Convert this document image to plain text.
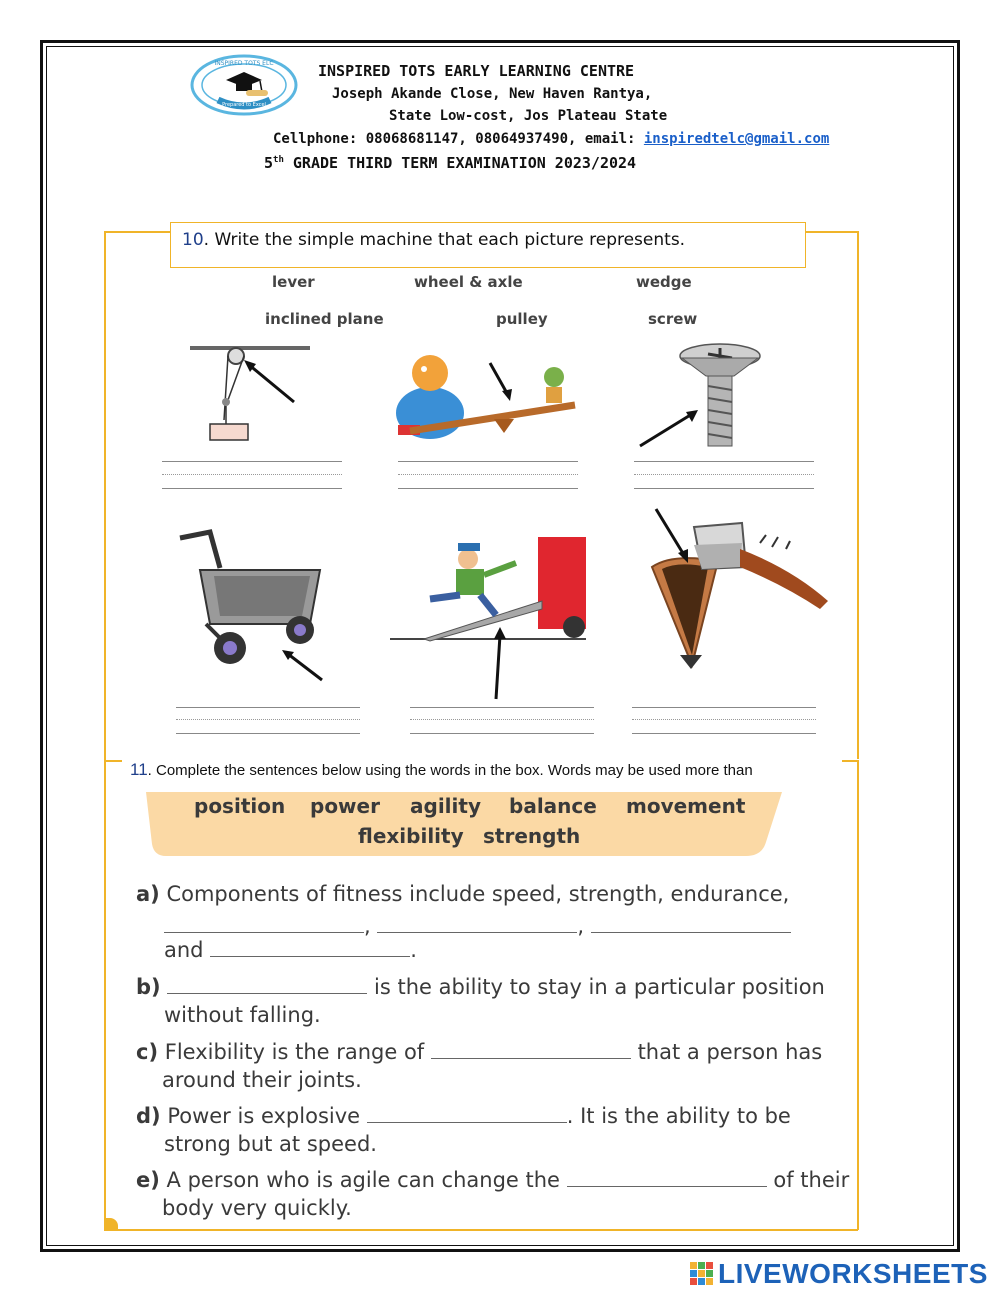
INSPIRED TOTS ELC
Prepared to Excel
INSPIRED TOTS EARLY LEARNING CENTRE
Joseph Akande Close, New Haven Rantya,
State Low-cost, Jos Plateau State
Cellphone: 08068681147, 08064937490, email: inspiredtelc@gmail.com
5th GRADE THIRD TERM EXAMINATION 2023/2024
10. Write the simple machine that each picture represents.
lever	wheel & axle	wedge
inclined plane	pulley	screw
11. Complete the sentences below using the words in the box. Words may be used more than
position power agility balance movement
flexibility strength
a) Components of fitness include speed, strength, endurance,
,	,
and	.
b)	is the ability to stay in a particular position
without falling.
c) Flexibility is the range of	that a person has
around their joints.
d) Power is explosive	. It is the ability to be
strong but at speed.
e) A person who is agile can change the	of their
body very quickly.
LIVEWORKSHEETS
